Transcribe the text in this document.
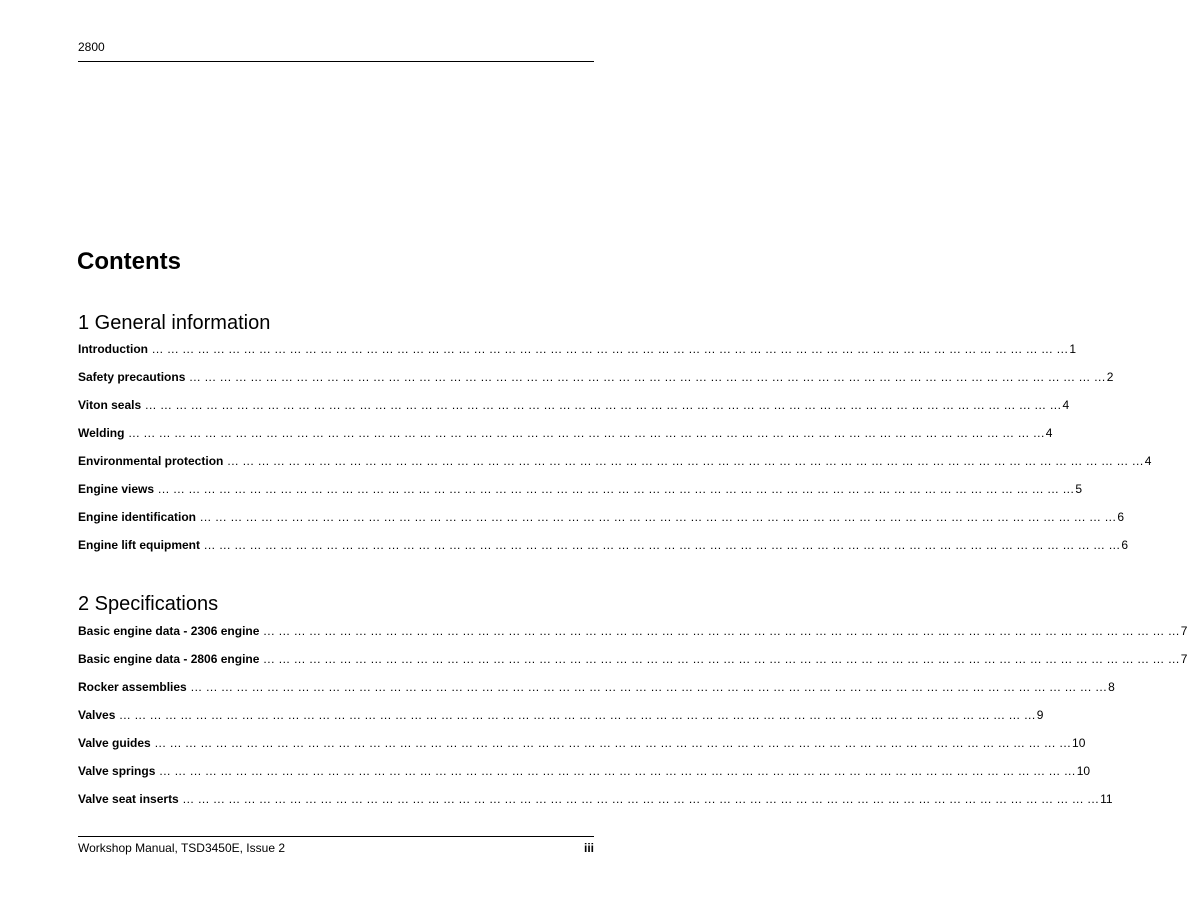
2800
Contents
1 General information
Introduction ... ... ... ... ... ... ... ... ... ... ... ... ... ... ... ... ... ... ... ... ... ... ... ... ... ... ... ... ... ... ... ... ... ... ... ... ... ... ... ... ... ... ... ... ... ... ... ... ... ... ... ... ... ... ... ... ... ... ... ... 1
Safety precautions ... ... ... ... ... ... ... ... ... ... ... ... ... ... ... ... ... ... ... ... ... ... ... ... ... ... ... ... ... ... ... ... ... ... ... ... ... ... ... ... ... ... ... ... ... ... ... ... ... ... ... ... ... ... ... ... ... ... ... ... 2
Viton seals ... ... ... ... ... ... ... ... ... ... ... ... ... ... ... ... ... ... ... ... ... ... ... ... ... ... ... ... ... ... ... ... ... ... ... ... ... ... ... ... ... ... ... ... ... ... ... ... ... ... ... ... ... ... ... ... ... ... ... ... 4
Welding ... ... ... ... ... ... ... ... ... ... ... ... ... ... ... ... ... ... ... ... ... ... ... ... ... ... ... ... ... ... ... ... ... ... ... ... ... ... ... ... ... ... ... ... ... ... ... ... ... ... ... ... ... ... ... ... ... ... ... ... 4
Environmental protection ... ... ... ... ... ... ... ... ... ... ... ... ... ... ... ... ... ... ... ... ... ... ... ... ... ... ... ... ... ... ... ... ... ... ... ... ... ... ... ... ... ... ... ... ... ... ... ... ... ... ... ... ... ... ... ... ... ... ... ... 4
Engine views ... ... ... ... ... ... ... ... ... ... ... ... ... ... ... ... ... ... ... ... ... ... ... ... ... ... ... ... ... ... ... ... ... ... ... ... ... ... ... ... ... ... ... ... ... ... ... ... ... ... ... ... ... ... ... ... ... ... ... ... 5
Engine identification ... ... ... ... ... ... ... ... ... ... ... ... ... ... ... ... ... ... ... ... ... ... ... ... ... ... ... ... ... ... ... ... ... ... ... ... ... ... ... ... ... ... ... ... ... ... ... ... ... ... ... ... ... ... ... ... ... ... ... ... 6
Engine lift equipment ... ... ... ... ... ... ... ... ... ... ... ... ... ... ... ... ... ... ... ... ... ... ... ... ... ... ... ... ... ... ... ... ... ... ... ... ... ... ... ... ... ... ... ... ... ... ... ... ... ... ... ... ... ... ... ... ... ... ... ... 6
2 Specifications
Basic engine data - 2306 engine ... ... ... ... ... ... ... ... ... ... ... ... ... ... ... ... ... ... ... ... ... ... ... ... ... ... ... ... ... ... ... ... ... ... ... ... ... ... ... ... ... ... ... ... ... ... ... ... ... ... ... ... ... ... ... ... ... ... ... ... 7
Basic engine data - 2806 engine ... ... ... ... ... ... ... ... ... ... ... ... ... ... ... ... ... ... ... ... ... ... ... ... ... ... ... ... ... ... ... ... ... ... ... ... ... ... ... ... ... ... ... ... ... ... ... ... ... ... ... ... ... ... ... ... ... ... ... ... 7
Rocker assemblies ... ... ... ... ... ... ... ... ... ... ... ... ... ... ... ... ... ... ... ... ... ... ... ... ... ... ... ... ... ... ... ... ... ... ... ... ... ... ... ... ... ... ... ... ... ... ... ... ... ... ... ... ... ... ... ... ... ... ... ... 8
Valves ... ... ... ... ... ... ... ... ... ... ... ... ... ... ... ... ... ... ... ... ... ... ... ... ... ... ... ... ... ... ... ... ... ... ... ... ... ... ... ... ... ... ... ... ... ... ... ... ... ... ... ... ... ... ... ... ... ... ... ... 9
Valve guides ... ... ... ... ... ... ... ... ... ... ... ... ... ... ... ... ... ... ... ... ... ... ... ... ... ... ... ... ... ... ... ... ... ... ... ... ... ... ... ... ... ... ... ... ... ... ... ... ... ... ... ... ... ... ... ... ... ... ... ... 10
Valve springs ... ... ... ... ... ... ... ... ... ... ... ... ... ... ... ... ... ... ... ... ... ... ... ... ... ... ... ... ... ... ... ... ... ... ... ... ... ... ... ... ... ... ... ... ... ... ... ... ... ... ... ... ... ... ... ... ... ... ... ... 10
Valve seat inserts ... ... ... ... ... ... ... ... ... ... ... ... ... ... ... ... ... ... ... ... ... ... ... ... ... ... ... ... ... ... ... ... ... ... ... ... ... ... ... ... ... ... ... ... ... ... ... ... ... ... ... ... ... ... ... ... ... ... ... ... 11
Workshop Manual, TSD3450E, Issue 2	iii
